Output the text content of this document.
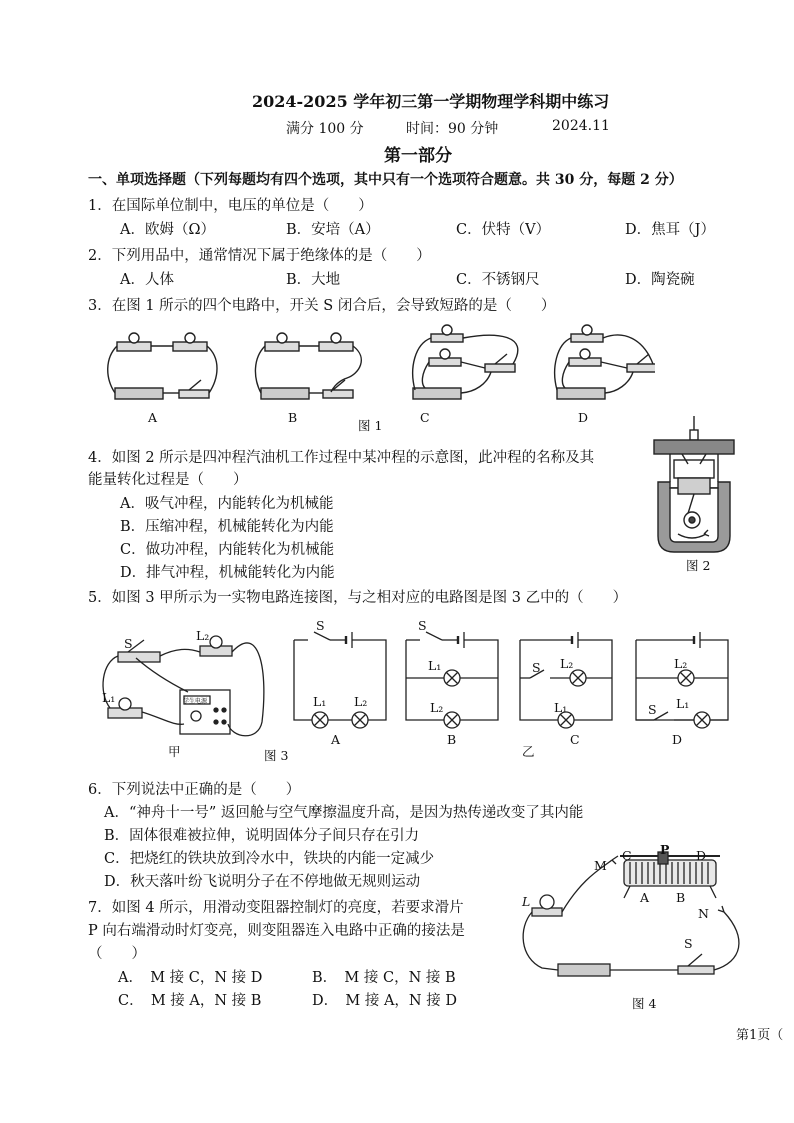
2024-2025 学年初三第一学期物理学科期中练习
满分 100 分	时间：90 分钟	2024.11
第一部分
一、单项选择题（下列每题均有四个选项，其中只有一个选项符合题意。共 30 分，每题 2 分）
1．在国际单位制中，电压的单位是（　　）
A．欧姆（Ω）	B．安培（A）	C．伏特（V）	D．焦耳（J）
2．下列用品中，通常情况下属于绝缘体的是（　　）
A．人体	B．大地	C．不锈钢尺	D．陶瓷碗
3．在图 1 所示的四个电路中，开关 S 闭合后，会导致短路的是（　　）
A	B	C	D
图 1
4．如图 2 所示是四冲程汽油机工作过程中某冲程的示意图，此冲程的名称及其
能量转化过程是（　　）
A．吸气冲程，内能转化为机械能
B．压缩冲程，机械能转化为内能
C．做功冲程，内能转化为机械能
D．排气冲程，机械能转化为内能	图 2
5．如图 3 甲所示为一实物电路连接图，与之相对应的电路图是图 3 乙中的（　　）
S
L₂
L₁	学生电源
甲	图 3
S
L₁ L₂
S
L₁
L₂
S L₂
L₁
L₂
S L₁
A	B	C	D
乙
6．下列说法中正确的是（　　）
A．“神舟十一号” 返回舱与空气摩擦温度升高，是因为热传递改变了其内能
B．固体很难被拉伸，说明固体分子间只存在引力
C．把烧红的铁块放到冷水中，铁块的内能一定减少
D．秋天落叶纷飞说明分子在不停地做无规则运动
7．如图 4 所示，用滑动变阻器控制灯的亮度，若要求滑片
P 向右端滑动时灯变亮，则变阻器连入电路中正确的接法是
（　　）
A．　M 接 C，N 接 D	B．　M 接 C，N 接 B
C．　M 接 A，N 接 B	D．　M 接 A，N 接 D
M
C P D
A B
N
L
S
图 4
第1页（
